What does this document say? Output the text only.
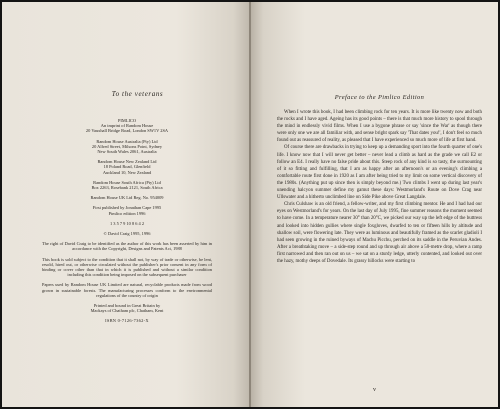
To the veterans
PIMLICO
An imprint of Random House
20 Vauxhall Bridge Road, London SW1V 2SA
Random House Australia (Pty) Ltd
20 Alfred Street, Milsons Point, Sydney
New South Wales 2061, Australia
Random House New Zealand Ltd
18 Poland Road, Glenfield
Auckland 10, New Zealand
Random House South Africa (Pty) Ltd
Box 2263, Rosebank 2121, South Africa
Random House UK Ltd Reg. No. 954009
First published by Jonathan Cape 1995
Pimlico edition 1996
1 3 5 7 9 10 8 6 4 2
© David Craig 1995, 1996
The right of David Craig to be identified as the author of this work has been asserted by him in accordance with the Copyright, Designs and Patents Act, 1988
This book is sold subject to the condition that it shall not, by way of trade or otherwise, be lent, resold, hired out, or otherwise circulated without the publisher's prior consent in any form of binding or cover other than that in which it is published and without a similar condition including this condition being imposed on the subsequent purchaser
Papers used by Random House UK Limited are natural, recyclable products made from wood grown in sustainable forests. The manufacturing processes conform to the environmental regulations of the country of origin
Printed and bound in Great Britain by
Mackays of Chatham plc, Chatham, Kent
ISBN 0-7126-7362-X
Preface to the Pimlico Edition

When I wrote this book, I had been climbing rock for ten years. It is more like twenty now and both the rocks and I have aged. Ageing has its good points – there is that much more history to spool through the mind in endlessly vivid films. When I use a bygone phrase or say 'since the War' as though there were only one we are all familiar with, and sense bright spark say 'That dates you!', I don't feel so much found out as reassured of reality, as pleased that I have experienced so much more of life at first hand.

Of course there are drawbacks in trying to keep up a demanding sport into the fourth quarter of one's life. I know now that I will never get better – never lead a climb as hard as the grade we call E2 or follow an E4. I really have no false pride about this. Steep rock of any kind is so tasty, the surmounting of it so fitting and fulfilling, that I am as happy after an afternoon's or an evening's climbing a comfortable route first done in 1920 as I am after being tried to my limit on some vertical discovery of the 1980s. (Anything put up since then is simply beyond me.) Two climbs I went up during last year's unending halcyon summer define my gamut these days: Westmorland's Route on Dove Crag near Ullswater and a hitherto unclimbed line on Side Pike above Great Langdale.

Chris Culshaw is an old friend, a fellow-writer, and my first climbing mentor. He and I had had our eyes on Westmorland's for years. On the last day of July 1995, fine summer reasons the moment seemed to have come. In a temperature nearer 30° than 20°C, we picked our way up the left edge of the buttress and looked into hidden gullies where single foxgloves, dwarfed to ten or fifteen hills by altitude and shallow soil, were flowering late. They were as luminous and beautifully framed as the scarlet gladioli I had seen growing in the ruined byways of Machu Picchu, perched on its saddle in the Peruvian Andes. After a breathtaking move – a side-step round and up through air above a 50-metre drop, where a ramp first narrowed and then ran out on us – we sat on a sturdy ledge, utterly contented, and looked out over the hazy, mothy deeps of Dovedale. Its grassy hillocks were starting to

v
